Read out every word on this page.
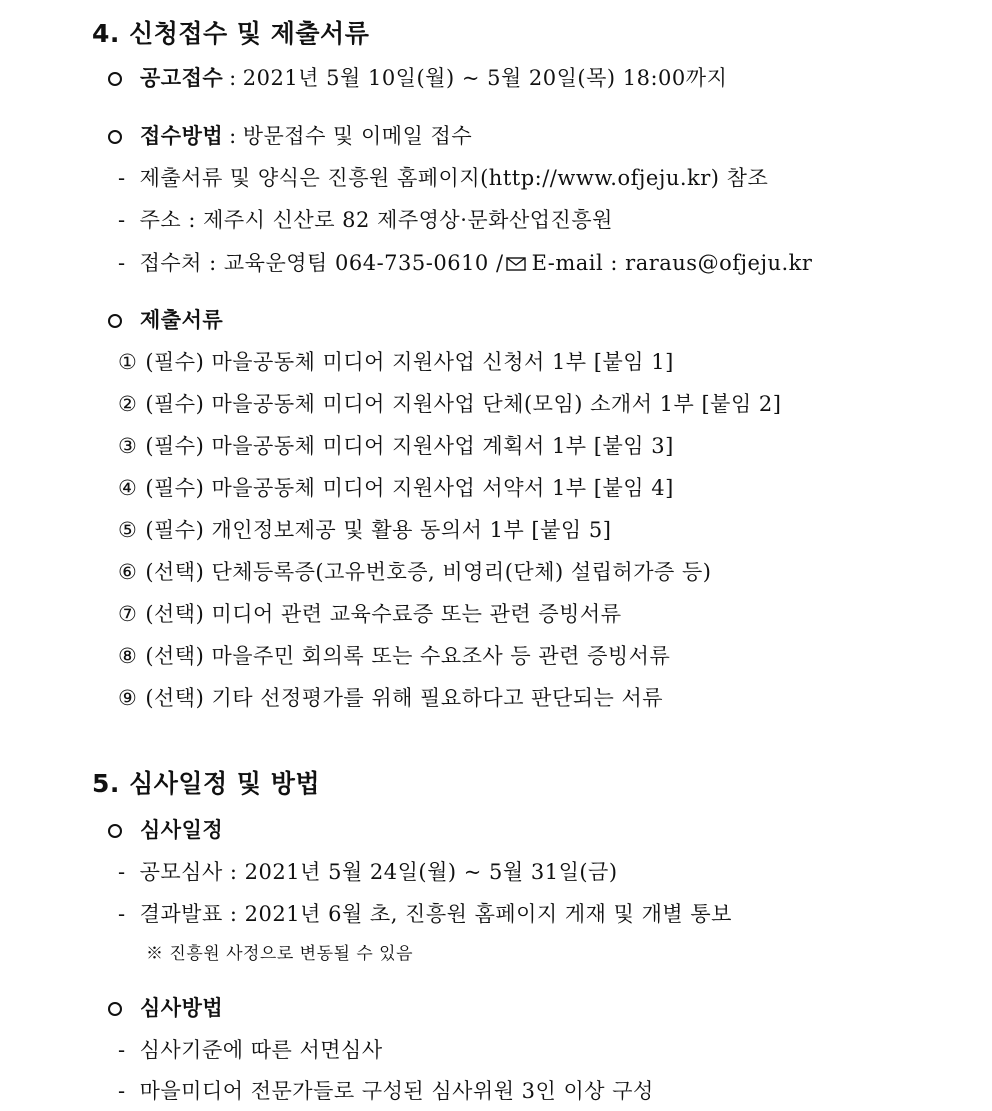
4. 신청접수 및 제출서류
공고접수 : 2021년 5월 10일(월) ~ 5월 20일(목) 18:00까지
접수방법 : 방문접수 및 이메일 접수
- 제출서류 및 양식은 진흥원 홈페이지(http://www.ofjeju.kr) 참조
- 주소 : 제주시 신산로 82 제주영상·문화산업진흥원
- 접수처 : 교육운영팀 064-735-0610 / E-mail : raraus@ofjeju.kr
제출서류
① (필수) 마을공동체 미디어 지원사업 신청서 1부 [붙임 1]
② (필수) 마을공동체 미디어 지원사업 단체(모임) 소개서 1부 [붙임 2]
③ (필수) 마을공동체 미디어 지원사업 계획서 1부 [붙임 3]
④ (필수) 마을공동체 미디어 지원사업 서약서 1부 [붙임 4]
⑤ (필수) 개인정보제공 및 활용 동의서 1부 [붙임 5]
⑥ (선택) 단체등록증(고유번호증, 비영리(단체) 설립허가증 등)
⑦ (선택) 미디어 관련 교육수료증 또는 관련 증빙서류
⑧ (선택) 마을주민 회의록 또는 수요조사 등 관련 증빙서류
⑨ (선택) 기타 선정평가를 위해 필요하다고 판단되는 서류
5. 심사일정 및 방법
심사일정
- 공모심사 : 2021년 5월 24일(월) ~ 5월 31일(금)
- 결과발표 : 2021년 6월 초, 진흥원 홈페이지 게재 및 개별 통보
※ 진흥원 사정으로 변동될 수 있음
심사방법
- 심사기준에 따른 서면심사
- 마을미디어 전문가들로 구성된 심사위원 3인 이상 구성
